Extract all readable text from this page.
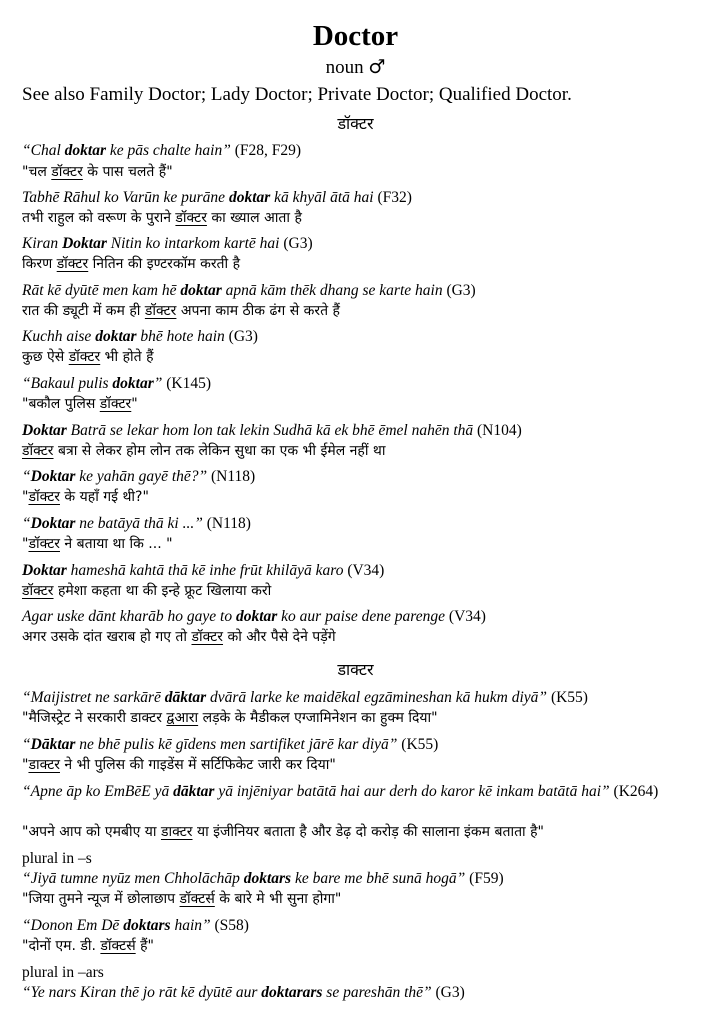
Doctor
noun ♂
See also Family Doctor; Lady Doctor; Private Doctor; Qualified Doctor.
डॉक्टर
“Chal doktar ke pās chalte hain” (F28, F29)
"चल डॉक्टर के पास चलते हैं"
Tabhē Rāhul ko Varūn ke purāne doktar kā khyāl ātā hai (F32)
तभी राहुल को वरूण के पुराने डॉक्टर का ख्याल आता है
Kiran Doktar Nitin ko intarkom kartē hai (G3)
किरण डॉक्टर नितिन की इण्टरकॉम करती है
Rāt kē dyūtē men kam hē doktar apnā kām thēk dhang se karte hain (G3)
रात की ड्यूटी में कम ही डॉक्टर अपना काम ठीक ढंग से करते हैं
Kuchh aise doktar bhē hote hain (G3)
कुछ ऐसे डॉक्टर भी होते हैं
“Bakaul pulis doktar” (K145)
"बकौल पुलिस डॉक्टर"
Doktar Batrā se lekar hom lon tak lekin Sudhā kā ek bhē ēmel nahēn thā (N104)
डॉक्टर बत्रा से लेकर होम लोन तक लेकिन सुधा का एक भी ईमेल नहीं था
“Doktar ke yahān gayē thē?” (N118)
"डॉक्टर के यहाँ गई थी?"
“Doktar ne batāyā thā ki ...” (N118)
"डॉक्टर ने बताया था कि ... "
Doktar hameshā kahtā thā kē inhe frūt khilāyā karo (V34)
डॉक्टर हमेशा कहता था की इन्हे फ्रूट खिलाया करो
Agar uske dānt kharāb ho gaye to doktar ko aur paise dene parenge (V34)
अगर उसके दांत खराब हो गए तो डॉक्टर को और पैसे देने पड़ेंगे
डाक्टर
“Maijistret ne sarkārē dāktar dvārā larke ke maidēkal egzāmineshan kā hukm diyā” (K55)
"मैजिस्ट्रेट ने सरकारी डाक्टर द्वआरा लड़के के मैडीकल एग्जामिनेशन का हुक्म दिया"
“Dāktar ne bhē pulis kē gīdens men sartifiket jārē kar diyā” (K55)
"डाक्टर ने भी पुलिस की गाइडेंस में सर्टिफिकेट जारी कर दिया"
“Apne āp ko EmBēE yā dāktar yā injēniyar batātā hai aur derh do karor kē inkam batātā hai” (K264)
"अपने आप को एमबीए या डाक्टर या इंजीनियर बताता है और डेढ़ दो करोड़ की सालाना इंकम बताता है"
plural in –s
“Jiyā tumne nyūz men Chholāchāp doktars ke bare me bhē sunā hogā” (F59)
"जिया तुमने न्यूज में छोलाछाप डॉक्टर्स के बारे मे भी सुना होगा"
“Donon Em Dē doktars hain” (S58)
"दोनों एम. डी. डॉक्टर्स हैं"
plural in –ars
“Ye nars Kiran thē jo rāt kē dyūtē aur doktarars se pareshān thē” (G3)
